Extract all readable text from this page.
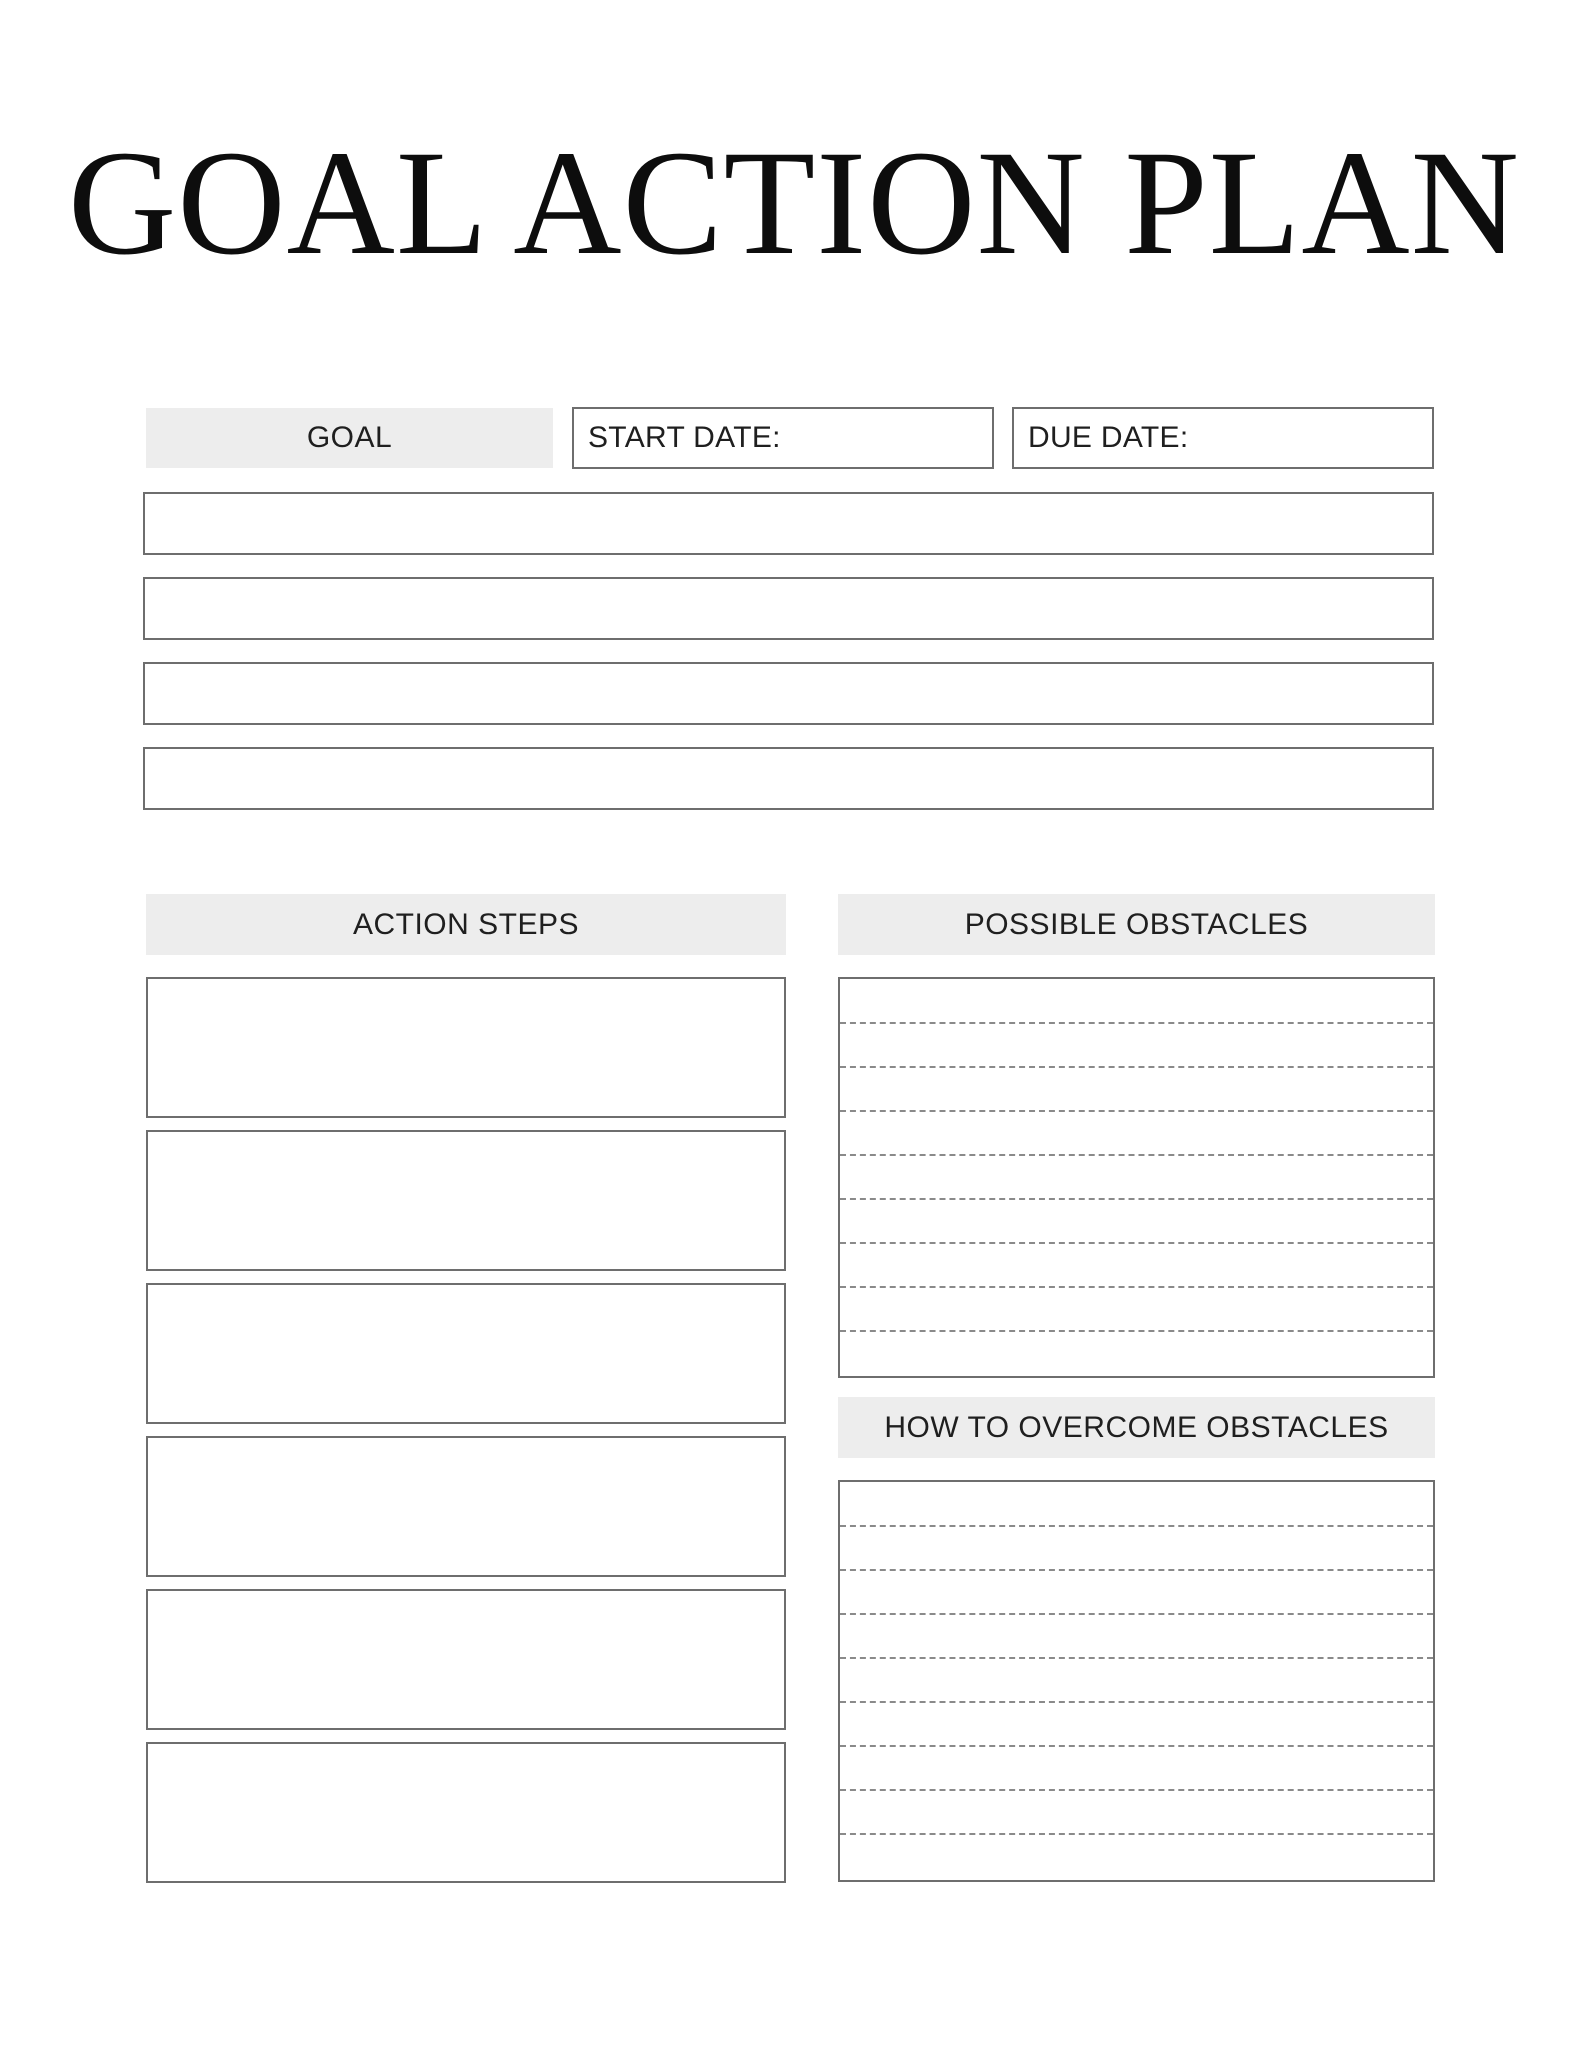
GOAL ACTION PLAN
GOAL	START DATE:	DUE DATE:
ACTION STEPS	POSSIBLE OBSTACLES
HOW TO OVERCOME OBSTACLES
